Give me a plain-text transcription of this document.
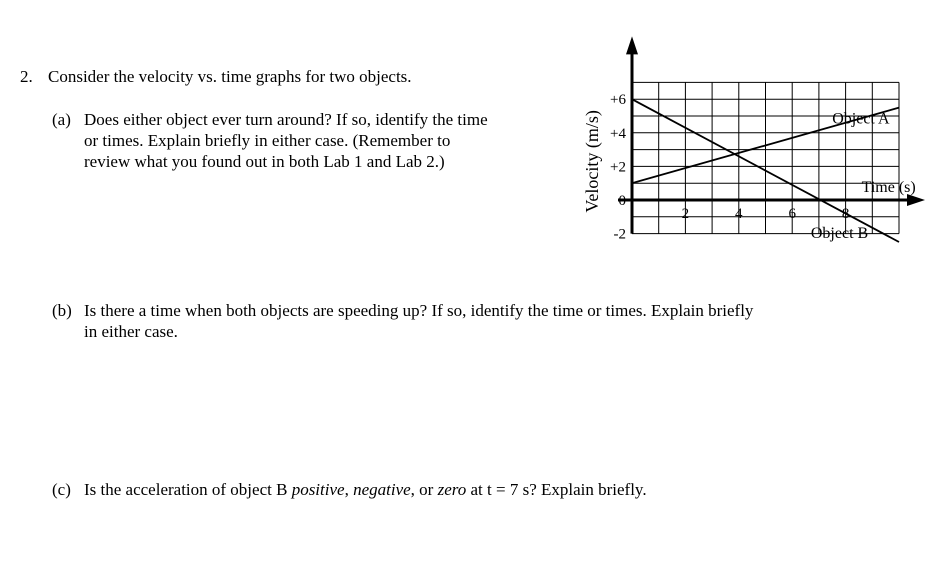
2. Consider the velocity vs. time graphs for two objects.
(a) Does either object ever turn around? If so, identify the time
or times. Explain briefly in either case. (Remember to
review what you found out in both Lab 1 and Lab 2.)
(b) Is there a time when both objects are speeding up? If so, identify the time or times. Explain briefly
in either case.
(c) Is the acceleration of object B positive, negative, or zero at t = 7 s? Explain briefly.
Object A
Object B
+6
+4
+2
0
-2
2	4	6	8
Time (s)
Velocity (m/s)
